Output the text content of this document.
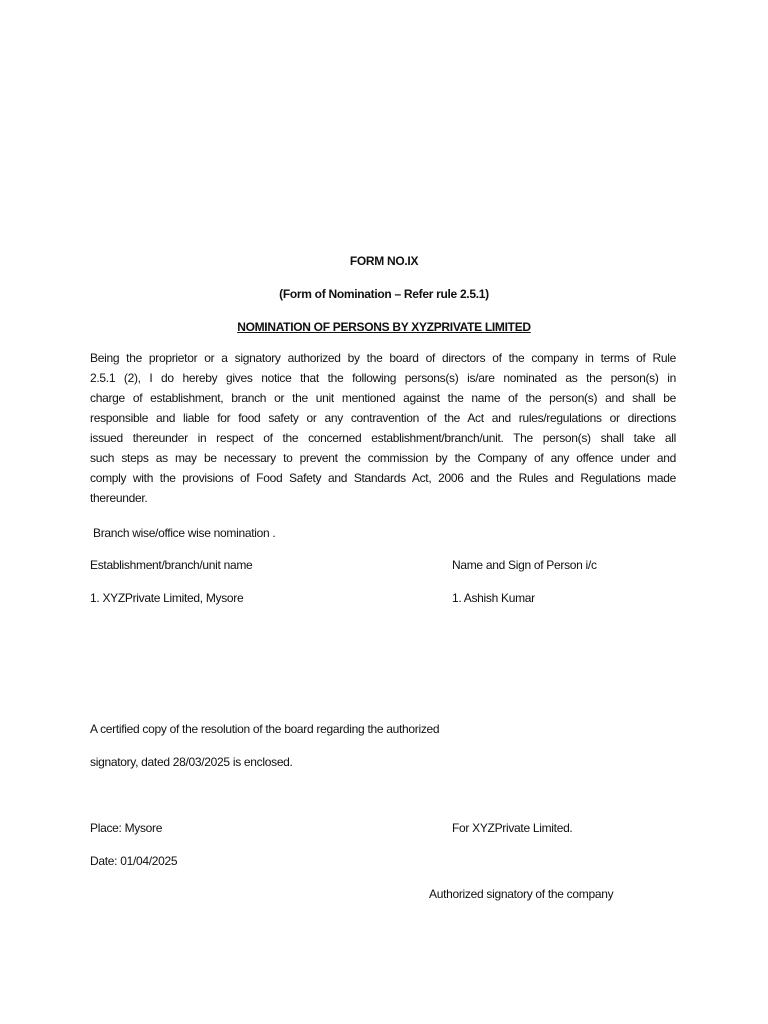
FORM NO.IX
(Form of Nomination – Refer rule 2.5.1)
NOMINATION OF PERSONS BY XYZPRIVATE LIMITED
Being the proprietor or a signatory authorized by the board of directors of the company in terms of Rule
2.5.1 (2), I do hereby gives notice that the following persons(s) is/are nominated as the person(s) in
charge of establishment, branch or the unit mentioned against the name of the person(s) and shall be
responsible and liable for food safety or any contravention of the Act and rules/regulations or directions
issued thereunder in respect of the concerned establishment/branch/unit. The person(s) shall take all
such steps as may be necessary to prevent the commission by the Company of any offence under and
comply with the provisions of Food Safety and Standards Act, 2006 and the Rules and Regulations made
thereunder.
Branch wise/office wise nomination .
Establishment/branch/unit name	Name and Sign of Person i/c
1. XYZPrivate Limited, Mysore	1. Ashish Kumar
A certified copy of the resolution of the board regarding the authorized
signatory, dated 28/03/2025 is enclosed.
Place: Mysore	For XYZPrivate Limited.
Date: 01/04/2025
Authorized signatory of the company
